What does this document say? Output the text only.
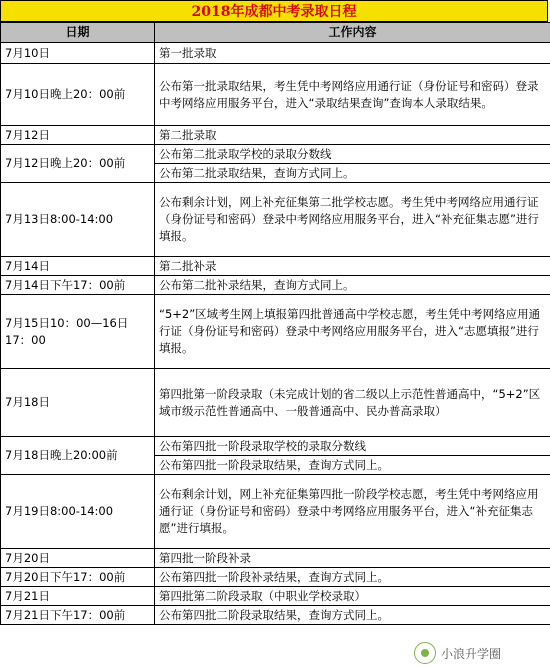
2018年成都中考录取日程
日期	工作内容
7月10日	第一批录取
7月10日晚上20：00前	公布第一批录取结果，考生凭中考网络应用通行证（身份证号和密码）登录中考网络应用服务平台，进入“录取结果查询”查询本人录取结果。
7月12日	第二批录取
7月12日晚上20：00前	公布第二批录取学校的录取分数线
	公布第二批录取结果，查询方式同上。
7月13日8:00-14:00	公布剩余计划，网上补充征集第二批学校志愿。考生凭中考网络应用通行证（身份证号和密码）登录中考网络应用服务平台，进入“补充征集志愿”进行填报。
7月14日	第二批补录
7月14日下午17：00前	公布第二批补录结果，查询方式同上。
7月15日10：00—16日17：00	“5+2”区域考生网上填报第四批普通高中学校志愿，考生凭中考网络应用通行证（身份证号和密码）登录中考网络应用服务平台，进入“志愿填报”进行填报。
7月18日	第四批第一阶段录取（未完成计划的省二级以上示范性普通高中，“5+2”区域市级示范性普通高中、一般普通高中、民办普高录取）
7月18日晚上20:00前	公布第四批一阶段录取学校的录取分数线
	公布第四批一阶段录取结果，查询方式同上。
7月19日8:00-14:00	公布剩余计划，网上补充征集第四批一阶段学校志愿，考生凭中考网络应用通行证（身份证号和密码）登录中考网络应用服务平台，进入“补充征集志愿”进行填报。
7月20日	第四批一阶段补录
7月20日下午17：00前	公布第四批一阶段补录结果，查询方式同上。
7月21日	第四批第二阶段录取（中职业学校录取）
7月21日下午17：00前	公布第四批二阶段录取结果，查询方式同上。
小浪升学圈
